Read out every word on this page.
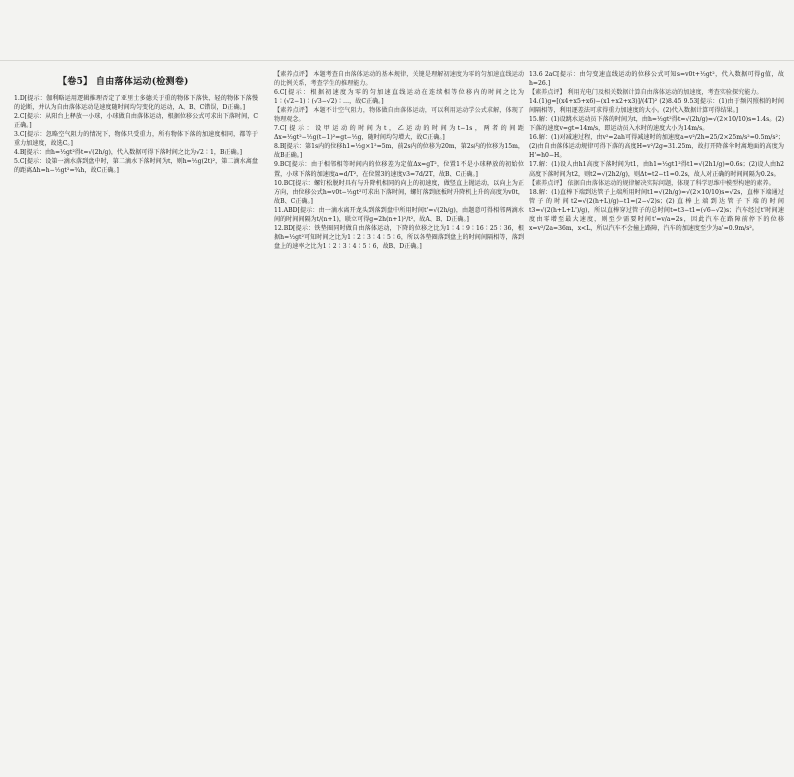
【卷5】 自由落体运动(检测卷)

1.D[提示：伽利略运用逻辑推理否定了亚里士多德关于重的物体下落快、轻的物体下落慢的论断，并认为自由落体运动是速度随时间均匀变化的运动，A、B、C错误，D正确。]

2.C[提示：从阳台上释放一小球，小球做自由落体运动，根据位移公式可求出下落时间，C正确。]

3.C[提示：忽略空气阻力的情况下，物体只受重力，所有物体下落的加速度相同，都等于重力加速度，故选C。]

4.B[提示：由h=½gt²得t=√(2h/g)，代入数据可得下落时间之比为√2∶1，B正确。]

5.C[提示：设第一滴水落到盘中时，第二滴水下落时间为t，则h=½g(2t)²，第二滴水离盘的距离Δh=h−½gt²=¾h，故C正确。]

【素养点评】 本题考查自由落体运动的基本规律，关键是理解初速度为零的匀加速直线运动的比例关系，考查学生的推理能力。

6.C[提示：根据初速度为零的匀加速直线运动在连续相等位移内的时间之比为1∶(√2−1)∶(√3−√2)∶…，故C正确。]

【素养点评】 本题不计空气阻力，物体做自由落体运动，可以利用运动学公式求解，体现了物理观念。

7.C[提示：设甲运动的时间为t，乙运动的时间为t−1s，两者的间距Δx=½gt²−½g(t−1)²=gt−½g，随时间均匀增大，故C正确。]

8.B[提示：第1s内的位移h1=½g×1²=5m，前2s内的位移为20m，第2s内的位移为15m，故B正确。]

9.BC[提示：由于相邻相等时间内的位移差为定值Δx=gT²，位置1不是小球释放的初始位置，小球下落的加速度a=d/T²，在位置3的速度v3=7d/2T，故B、C正确。]

10.BC[提示：螺钉松脱时具有与升降机相同的向上的初速度，做竖直上抛运动，以向上为正方向，由位移公式h=v0t−½gt²可求出下落时间，螺钉落到底板时升降机上升的高度为v0t，故B、C正确。]

11.ABD[提示：由一滴水离开龙头到落到盘中所用时间t'=√(2h/g)，由题意可得相邻两滴水间的时间间隔为t/(n+1)，联立可得g=2h(n+1)²/t²，故A、B、D正确。]

12.BD[提示：铁垫圈同时做自由落体运动，下降的位移之比为1∶4∶9∶16∶25∶36，根据h=½gt²可知时间之比为1∶2∶3∶4∶5∶6，所以各垫圈落到盘上的时间间隔相等，落到盘上的速率之比为1∶2∶3∶4∶5∶6，故B、D正确。]

13.6 2aC[提示：由匀变速直线运动的位移公式可知s=v0t+½gt²，代入数据可得g值，故h=26.]

【素养点评】 利用光电门及相关数据计算自由落体运动的加速度，考查实验探究能力。

14.(1)g=[(x4+x5+x6)−(x1+x2+x3)]/(4T)² (2)8.45 9.53[提示：(1)由于频闪照相的时间间隔相等，利用逐差法可求得重力加速度的大小。(2)代入数据计算可得结果。]

15.解：(1)设跳水运动员下落的时间为t，由h=½gt²得t=√(2h/g)=√(2×10/10)s=1.4s。(2)下落的速度v=gt=14m/s，即运动员入水时的速度大小为14m/s。

16.解：(1)对减速过程，由v²=2ah可得减速时的加速度a=v²/2h=25/2×25m/s²=0.5m/s²；(2)由自由落体运动规律可得下落的高度H=v²/2g=31.25m，故打开降落伞时离地面的高度为H'=h0−H。

17.解：(1)设人由h1高度下落时间为t1，由h1=½gt1²得t1=√(2h1/g)=0.6s；(2)设人由h2高度下落时间为t2，则t2=√(2h2/g)，则Δt=t2−t1=0.2s，故人对正确的时间间隔为0.2s。

【素养点评】 依据自由落体运动的规律解决实际问题，体现了科学思维中模型构建的素养。

18.解：(1)直棒下端到达管子上端所用时间t1=√(2h/g)=√(2×10/10)s=√2s，直棒下端通过管子的时间t2=√(2(h+L)/g)−t1=(2−√2)s；(2)直棒上端到达管子下端的时间t3=√(2(h+L+L')/g)，所以直棒穿过管子的总时间t=t3−t1=(√6−√2)s；汽车经过t'时间速度由零增至最大速度，则至少需要时间t'=v/a=2s，因此汽车在路障前停下的位移x=v²/2a=36m，x<L，所以汽车不会撞上路障，汽车的加速度至少为a'=0.9m/s²。
